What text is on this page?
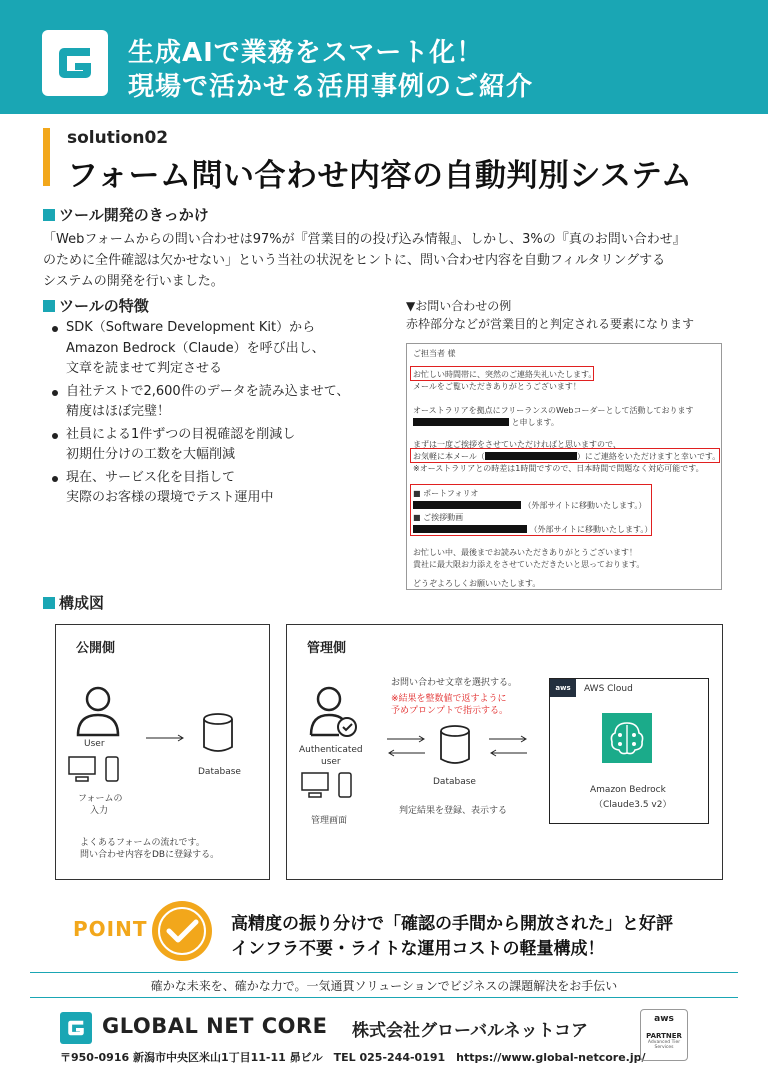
生成AIで業務をスマート化！
現場で活かせる活用事例のご紹介
solution02
フォーム問い合わせ内容の自動判別システム
ツール開発のきっかけ
「Webフォームからの問い合わせは97%が『営業目的の投げ込み情報』、しかし、3%の『真のお問い合わせ』
のために全件確認は欠かせない」という当社の状況をヒントに、問い合わせ内容を自動フィルタリングする
システムの開発を行いました。
ツールの特徴
SDK（Software Development Kit）から
Amazon Bedrock（Claude）を呼び出し、
文章を読ませて判定させる
自社テストで2,600件のデータを読み込ませて、
精度はほぼ完璧！
社員による1件ずつの目視確認を削減し
初期仕分けの工数を大幅削減
現在、サービス化を目指して
実際のお客様の環境でテスト運用中
▼お問い合わせの例
赤枠部分などが営業目的と判定される要素になります
ご担当者 様
お忙しい時間帯に、突然のご連絡失礼いたします。
メールをご覧いただきありがとうございます！
オーストラリアを拠点にフリーランスのWebコーダーとして活動しております
と申します。
まずは一度ご挨拶をさせていただければと思いますので、
お気軽に本メール（	）にご連絡をいただけますと幸いです。
※オーストラリアとの時差は1時間ですので、日本時間で問題なく対応可能です。
■ ポートフォリオ
（外部サイトに移動いたします。）
■ ご挨拶動画
（外部サイトに移動いたします。）
お忙しい中、最後までお読みいただきありがとうございます！
貴社に最大限お力添えをさせていただきたいと思っております。
どうぞよろしくお願いいたします。
構成図
公開側
User
フォームの
入力
Database
よくあるフォームの流れです。
問い合わせ内容をDBに登録する。
管理側
Authenticated
user
管理画面
お問い合わせ文章を選択する。
※結果を整数値で返すように
予めプロンプトで指示する。
Database
判定結果を登録、表示する
aws	AWS Cloud
Amazon Bedrock
（Claude3.5 v2）
POINT	高精度の振り分けで「確認の手間から開放された」と好評
インフラ不要・ライトな運用コストの軽量構成！
確かな未来を、確かな力で。一気通貫ソリューションでビジネスの課題解決をお手伝い
GLOBAL NET CORE 株式会社グローバルネットコア
〒950-0916 新潟市中央区米山1丁目11-11 昴ビル　TEL 025-244-0191　https://www.global-netcore.jp/
aws
PARTNER
Advanced Tier
Services
